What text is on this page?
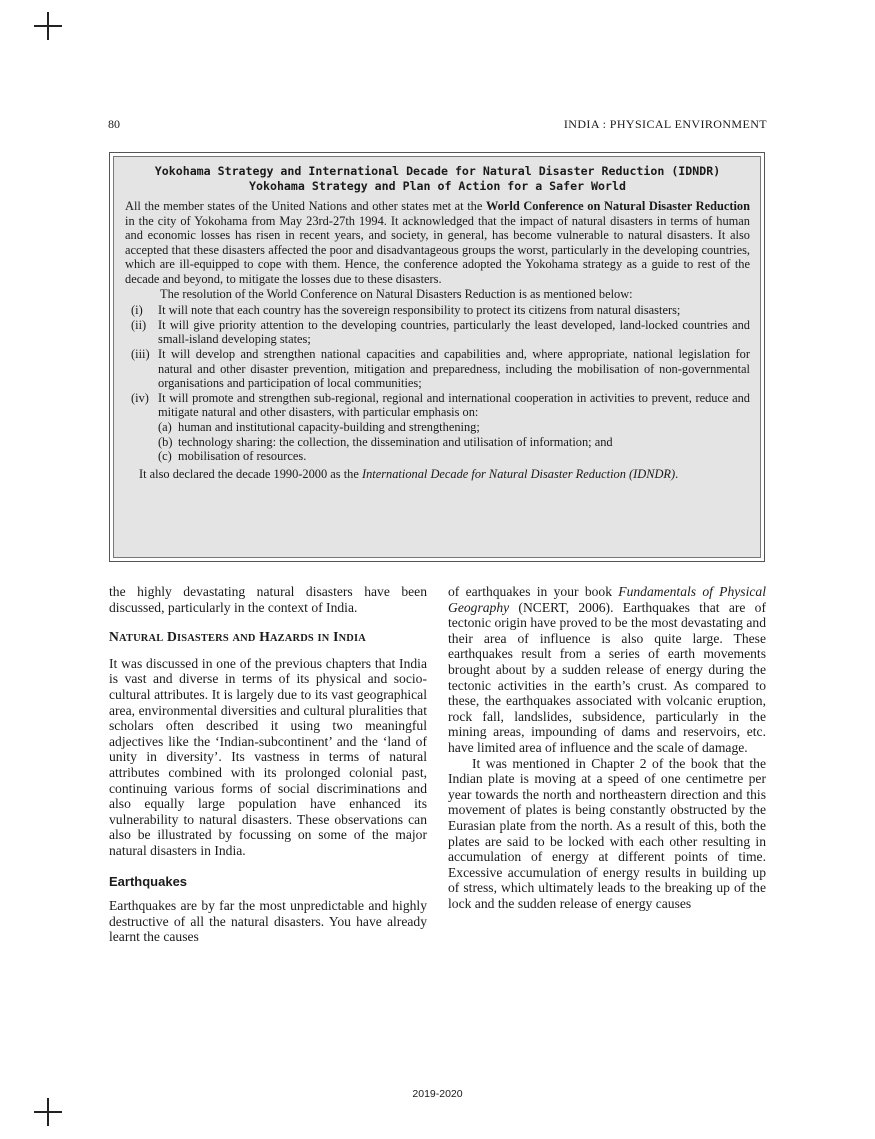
80	INDIA : PHYSICAL ENVIRONMENT
Yokohama Strategy and International Decade for Natural Disaster Reduction (IDNDR)
Yokohama Strategy and Plan of Action for a Safer World

All the member states of the United Nations and other states met at the World Conference on Natural Disaster Reduction in the city of Yokohama from May 23rd-27th 1994. It acknowledged that the impact of natural disasters in terms of human and economic losses has risen in recent years, and society, in general, has become vulnerable to natural disasters. It also accepted that these disasters affected the poor and disadvantageous groups the worst, particularly in the developing countries, which are ill-equipped to cope with them. Hence, the conference adopted the Yokohama strategy as a guide to rest of the decade and beyond, to mitigate the losses due to these disasters.

The resolution of the World Conference on Natural Disasters Reduction is as mentioned below:

(i) It will note that each country has the sovereign responsibility to protect its citizens from natural disasters;
(ii) It will give priority attention to the developing countries, particularly the least developed, land-locked countries and small-island developing states;
(iii) It will develop and strengthen national capacities and capabilities and, where appropriate, national legislation for natural and other disaster prevention, mitigation and preparedness, including the mobilisation of non-governmental organisations and participation of local communities;
(iv) It will promote and strengthen sub-regional, regional and international cooperation in activities to prevent, reduce and mitigate natural and other disasters, with particular emphasis on:
(a) human and institutional capacity-building and strengthening;
(b) technology sharing: the collection, the dissemination and utilisation of information; and
(c) mobilisation of resources.

It also declared the decade 1990-2000 as the International Decade for Natural Disaster Reduction (IDNDR).

the highly devastating natural disasters have been discussed, particularly in the context of India.

NATURAL DISASTERS AND HAZARDS IN INDIA

It was discussed in one of the previous chapters that India is vast and diverse in terms of its physical and socio-cultural attributes. It is largely due to its vast geographical area, environmental diversities and cultural pluralities that scholars often described it using two meaningful adjectives like the ‘Indian-subcontinent’ and the ‘land of unity in diversity’. Its vastness in terms of natural attributes combined with its prolonged colonial past, continuing various forms of social discriminations and also equally large population have enhanced its vulnerability to natural disasters. These observations can also be illustrated by focussing on some of the major natural disasters in India.

Earthquakes

Earthquakes are by far the most unpredictable and highly destructive of all the natural disasters. You have already learnt the causes

of earthquakes in your book Fundamentals of Physical Geography (NCERT, 2006). Earthquakes that are of tectonic origin have proved to be the most devastating and their area of influence is also quite large. These earthquakes result from a series of earth movements brought about by a sudden release of energy during the tectonic activities in the earth’s crust. As compared to these, the earthquakes associated with volcanic eruption, rock fall, landslides, subsidence, particularly in the mining areas, impounding of dams and reservoirs, etc. have limited area of influence and the scale of damage.

It was mentioned in Chapter 2 of the book that the Indian plate is moving at a speed of one centimetre per year towards the north and northeastern direction and this movement of plates is being constantly obstructed by the Eurasian plate from the north. As a result of this, both the plates are said to be locked with each other resulting in accumulation of energy at different points of time. Excessive accumulation of energy results in building up of stress, which ultimately leads to the breaking up of the lock and the sudden release of energy causes

2019-2020
